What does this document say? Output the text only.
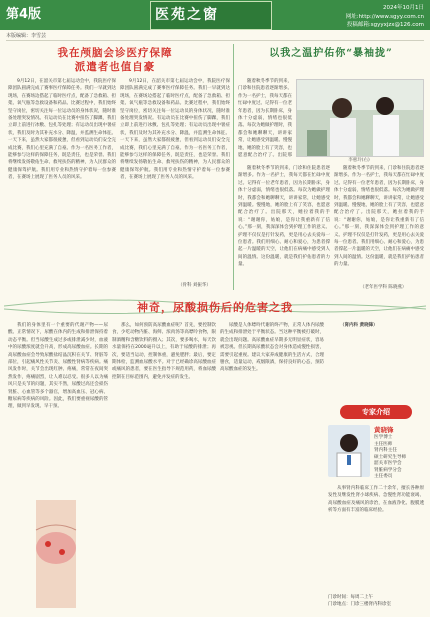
第4版	医苑之窗	2024年10月1日
网址:http://www.sgyy.com.cn
投稿邮箱:sgyyxjzx@126.com
本版编辑：李雪芸
我在颅脑会诊医疗保障
派遣者也值自豪
9月12日，在韶关市第七届运动会中，我院医疗保障团队圆满完成了赛事医疗保障任务。我们一早就到达现场，在赛场边搭起了临时医疗点，配备了急救箱、担架、氧气瓶等急救设备和药品。比赛过程中，我们始终坚守岗位，密切关注每一位运动员的身体状况，随时准备处理突发情况。有运动员在比赛中扭伤了脚踝，我们立即上前进行冰敷、包扎等处理；有运动员出现中暑症状，我们及时为其补充水分、降温，并监测生命体征。一天下来，虽然大家都很疲惫，但看到运动员们安全完成比赛，我们心里充满了自豪。作为一名医务工作者，能够参与这样的保障任务，既是责任，也是荣誉。我们将继续发扬敬佑生命、救死扶伤的精神，为人民群众的健康保驾护航。我们用专业和热情守护着每一位参赛者，在赛场上展现了医务人员的风采。
9月12日，在韶关市第七届运动会中，我院医疗保障团队圆满完成了赛事医疗保障任务。我们一早就到达现场，在赛场边搭起了临时医疗点，配备了急救箱、担架、氧气瓶等急救设备和药品。比赛过程中，我们始终坚守岗位，密切关注每一位运动员的身体状况，随时准备处理突发情况。有运动员在比赛中扭伤了脚踝，我们立即上前进行冰敷、包扎等处理；有运动员出现中暑症状，我们及时为其补充水分、降温，并监测生命体征。一天下来，虽然大家都很疲惫，但看到运动员们安全完成比赛，我们心里充满了自豪。作为一名医务工作者，能够参与这样的保障任务，既是责任，也是荣誉。我们将继续发扬敬佑生命、救死扶伤的精神，为人民群众的健康保驾护航。我们用专业和热情守护着每一位参赛者，在赛场上展现了医务人员的风采。
（骨科 刘振华）
以我之温护佑你“暴袖拢”
随着秋冬季节的到来，门诊和住院患者逐渐增多。作为一名护士，我每天都在忙碌中度过。记得有一位老年患者，因为长期卧床，身体十分虚弱，情绪也很低落。每次为她做护理时，我都会和她聊聊天，讲讲家常，让她感受到温暖。慢慢地，她的脸上有了笑容，也愿意配合治疗了。出院那
李惠玲(右)
随着秋冬季节的到来，门诊和住院患者逐渐增多。作为一名护士，我每天都在忙碌中度过。记得有一位老年患者，因为长期卧床，身体十分虚弱，情绪也很低落。每次为她做护理时，我都会和她聊聊天，讲讲家常，让她感受到温暖。慢慢地，她的脸上有了笑容，也愿意配合治疗了。出院那天，她拉着我的手说：“谢谢你，姑娘，是你让我重新有了信心。”那一刻，我深深体会到护理工作的意义。护理不仅仅是打针发药，更是用心去关爱每一位患者。我们用细心、耐心和爱心，为患者撑起一片温暖的天空，让他们在病痛中感受到人间的温情。这份温暖，就是我们护佑患者的力量。
随着秋冬季节的到来，门诊和住院患者逐渐增多。作为一名护士，我每天都在忙碌中度过。记得有一位老年患者，因为长期卧床，身体十分虚弱，情绪也很低落。每次为她做护理时，我都会和她聊聊天，讲讲家常，让她感受到温暖。慢慢地，她的脸上有了笑容，也愿意配合治疗了。出院那天，她拉着我的手说：“谢谢你，姑娘，是你让我重新有了信心。”那一刻，我深深体会到护理工作的意义。护理不仅仅是打针发药，更是用心去关爱每一位患者。我们用细心、耐心和爱心，为患者撑起一片温暖的天空，让他们在病痛中感受到人间的温情。这份温暖，就是我们护佑患者的力量。
（老年医学科 陈晓燕）
神奇，尿酸损伤后的危害之我
我们的身体里有一个重要的代谢产物——尿酸。正常情况下，尿酸在体内的生成和排泄保持着动态平衡。但当尿酸生成过多或排泄减少时，血液中的尿酸浓度就会升高，形成高尿酸血症。长期的高尿酸血症会导致尿酸盐结晶沉积在关节、肾脏等部位，引起痛风性关节炎、尿酸性肾病等疾病。痛风发作时，关节会出现红肿、疼痛，常常在夜间突然发作，疼痛剧烈，让人难以忍受。很多人以为痛风只是关节的问题，其实不然，尿酸过高还会损伤肾脏、心血管等多个器官，增加高血压、冠心病、糖尿病等疾病的风险。因此，我们要重视尿酸的管理，做到早发现、早干预。
那么，如何预防高尿酸血症呢？首先，要控制饮食，少吃动物内脏、海鲜、浓肉汤等高嘌呤食物，限制酒精和含糖饮料的摄入；其次，要多喝水，每天饮水量保持在2000毫升以上，有助于尿酸的排泄；再次，要适当运动，控制体重，避免肥胖；最后，要定期体检，监测血尿酸水平。对于已经确诊高尿酸血症或痛风的患者，要在医生指导下规范用药，将血尿酸控制在目标范围内，避免并发症的发生。
尿酸是人体嘌呤代谢的终产物，正常人体内尿酸的生成和排泄处于平衡状态。当这种平衡被打破时，就会出现问题。高尿酸血症早期多无明显症状，容易被忽视。但长期高尿酸状态会对身体造成慢性损害，需要引起重视。建议大家养成健康的生活方式，合理膳食，适量运动，戒烟限酒，保持良好的心态，预防高尿酸血症的发生。
（肾内科 黄晓锋）
专家介绍
黄晓锋
医学博士
主任医师
肾内科主任
硕士研究生导师
韶关市医学会
肾脏病学分会
主任委员
从事肾内科临床工作二十余年，擅长各种原发性及继发性肾小球疾病、急慢性肾功能衰竭、高尿酸血症及痛风的诊治，在血液净化、腹膜透析等方面有丰富的临床经验。
门诊时间：每周二上午
门诊地点：门诊三楼肾内科诊室
